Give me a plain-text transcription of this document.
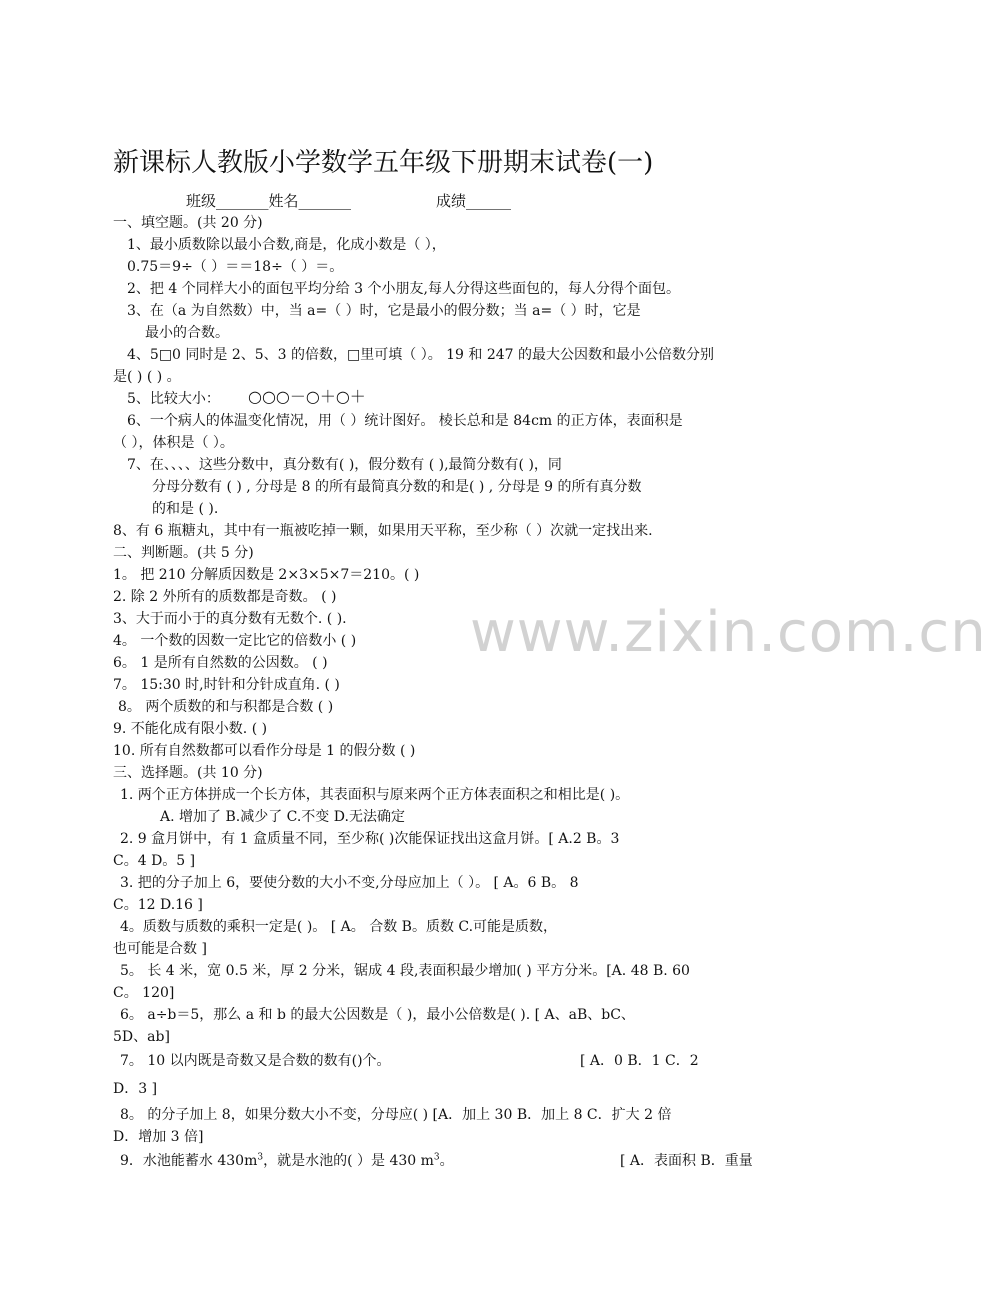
新课标人教版小学数学五年级下册期末试卷(一)
班级_______姓名_______	成绩______
一、填空题。(共 20 分)
1、最小质数除以最小合数,商是，化成小数是（ ），
0.75＝9÷（ ）＝＝18÷（ ）＝。
2、把 4 个同样大小的面包平均分给 3 个小朋友,每人分得这些面包的，每人分得个面包。
3、在（a 为自然数）中，当 a=（ ）时，它是最小的假分数；当 a=（ ）时，它是
最小的合数。
4、5□0 同时是 2、5、3 的倍数，□里可填（ ）。 19 和 247 的最大公因数和最小公倍数分别
是( ) ( ) 。
5、比较大小： ○○○－○＋○＋
6、一个病人的体温变化情况，用（ ）统计图好。 棱长总和是 84cm 的正方体，表面积是
（ ），体积是（ ）。
7、在、、、、这些分数中，真分数有( )，假分数有 ( ),最简分数有( )，同
分母分数有 ( ) , 分母是 8 的所有最简真分数的和是( ) , 分母是 9 的所有真分数
的和是 ( ).
8、有 6 瓶糖丸，其中有一瓶被吃掉一颗，如果用天平称，至少称（ ）次就一定找出来.
二、判断题。(共 5 分)
1。 把 210 分解质因数是 2×3×5×7＝210。( )
2. 除 2 外所有的质数都是奇数。 ( )
3、大于而小于的真分数有无数个. ( ).
4。 一个数的因数一定比它的倍数小 ( )
6。 1 是所有自然数的公因数。 ( )
7。 15:30 时,时针和分针成直角. ( )
8。 两个质数的和与积都是合数 ( )
9. 不能化成有限小数. ( )
10. 所有自然数都可以看作分母是 1 的假分数 ( )
三、选择题。(共 10 分)
1. 两个正方体拼成一个长方体，其表面积与原来两个正方体表面积之和相比是( )。
A. 增加了 B.减少了 C.不变 D.无法确定
2. 9 盒月饼中，有 1 盒质量不同，至少称( )次能保证找出这盒月饼。[ A.2 B。3
C。4 D。5 ]
3. 把的分子加上 6，要使分数的大小不变,分母应加上（ ）。 [ A。6 B。 8
C。12 D.16 ]
4。质数与质数的乘积一定是( )。 [ A。 合数 B。质数 C.可能是质数，
也可能是合数 ]
5。 长 4 米，宽 0.5 米，厚 2 分米，锯成 4 段,表面积最少增加( ) 平方分米。[A. 48 B. 60
C。 120]
6。 a÷b＝5，那么 a 和 b 的最大公因数是（ )，最小公倍数是( ). [ A、aB、bC、
5D、ab]
7。 10 以内既是奇数又是合数的数有()个。	[ A．0 B．1 C．2
D．3 ]
8。 的分子加上 8，如果分数大小不变，分母应( ) [A．加上 30 B．加上 8 C．扩大 2 倍
D．增加 3 倍]
9．水池能蓄水 $430m^3$，就是水池的( ）是 430 $m^3$。	[ A．表面积 B．重量
www.zixin.com.cn
